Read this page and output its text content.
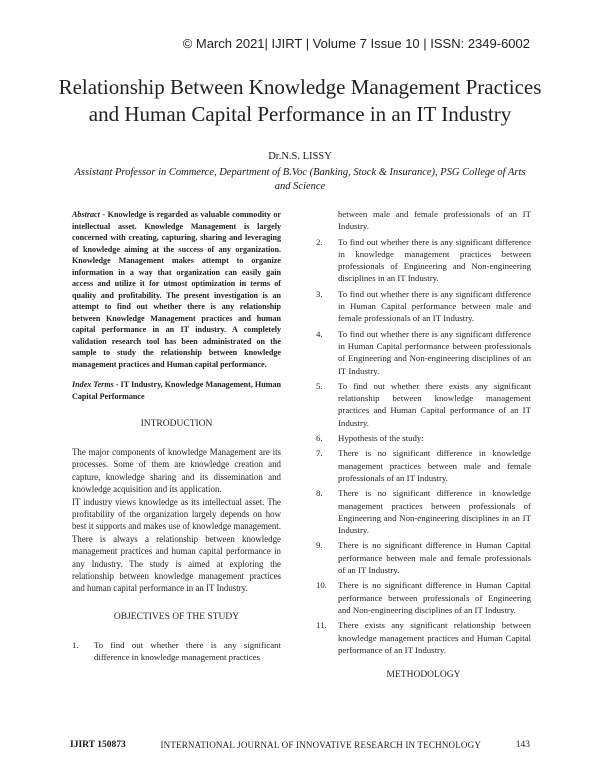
© March 2021| IJIRT | Volume 7 Issue 10 | ISSN: 2349-6002
Relationship Between Knowledge Management Practices
and Human Capital Performance in an IT Industry
Dr.N.S. LISSY
Assistant Professor in Commerce, Department of B.Voc (Banking, Stock & Insurance), PSG College of Arts and Science
Abstract - Knowledge is regarded as valuable commodity or intellectual asset. Knowledge Management is largely concerned with creating, capturing, sharing and leveraging of knowledge aiming at the success of any organization. Knowledge Management makes attempt to organize information in a way that organization can easily gain access and utilize it for utmost optimization in terms of quality and profitability. The present investigation is an attempt to find out whether there is any relationship between Knowledge Management practices and human capital performance in an IT industry. A completely validation research tool has been administrated on the sample to study the relationship between knowledge management practices and Human capital performance.
Index Terms - IT Industry, Knowledge Management, Human Capital Performance
INTRODUCTION
The major components of knowledge Management are its processes. Some of them are knowledge creation and capture, knowledge sharing and its dissemination and knowledge acquisition and its application.
IT industry views knowledge as its intellectual asset. The profitability of the organization largely depends on how best it supports and makes use of knowledge management. There is always a relationship between knowledge management practices and human capital performance in any Industry. The study is aimed at exploring the relationship between knowledge management practices and human capital performance in an IT Industry.
OBJECTIVES OF THE STUDY
1.	To find out whether there is any significant difference in knowledge management practices
between male and female professionals of an IT Industry.
2.	To find out whether there is any significant difference in knowledge management practices between professionals of Engineering and Non-engineering disciplines in an IT Industry.
3.	To find out whether there is any significant difference in Human Capital performance between male and female professionals of an IT Industry.
4.	To find out whether there is any significant difference in Human Capital performance between professionals of Engineering and Non-engineering disciplines of an IT Industry.
5.	To find out whether there exists any significant relationship between knowledge management practices and Human Capital performance of an IT Industry.
6.	Hypothesis of the study:
7.	There is no significant difference in knowledge management practices between male and female professionals of an IT Industry.
8.	There is no significant difference in knowledge management practices between professionals of Engineering and Non-engineering disciplines in an IT Industry.
9.	There is no significant difference in Human Capital performance between male and female professionals of an IT Industry.
10.	There is no significant difference in Human Capital performance between professionals of Engineering and Non-engineering disciplines of an IT Industry.
11.	There exists any significant relationship between knowledge management practices and Human Capital performance of an IT Industry.
METHODOLOGY
IJIRT 150873	INTERNATIONAL JOURNAL OF INNOVATIVE RESEARCH IN TECHNOLOGY	143
